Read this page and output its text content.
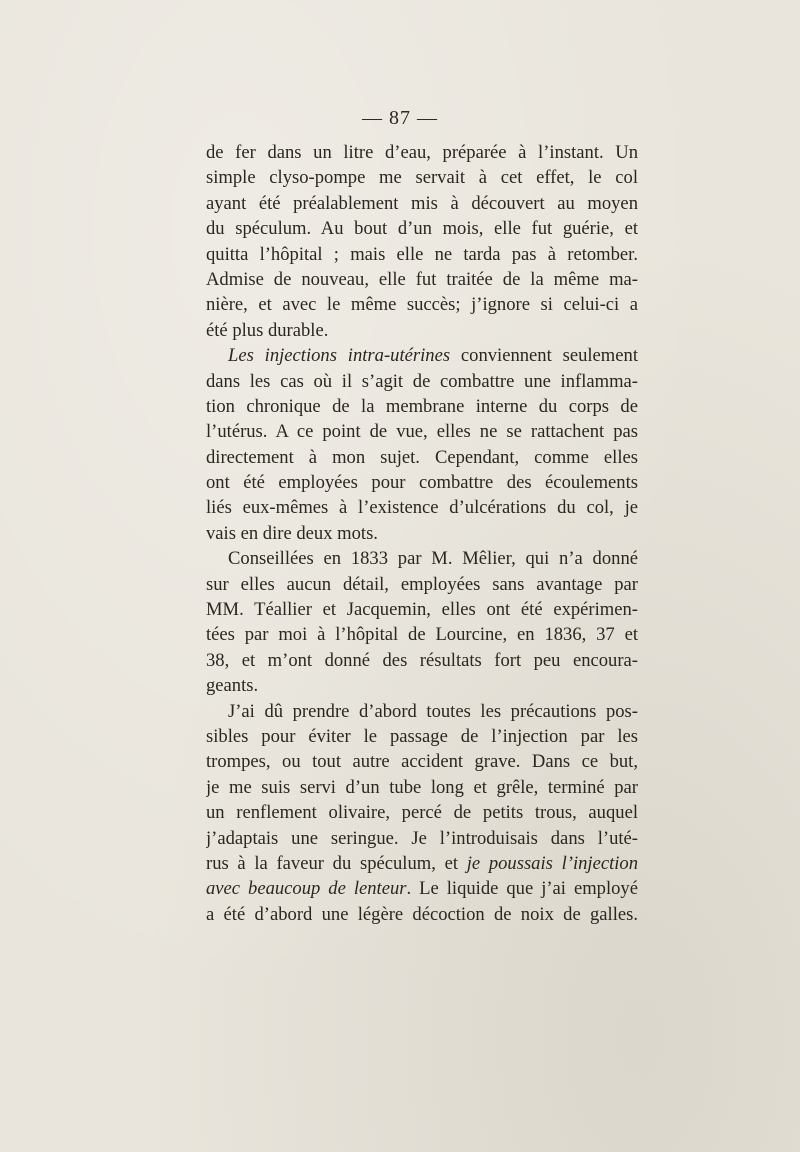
— 87 —
de fer dans un litre d’eau, préparée à l’instant. Un
simple clyso-pompe me servait à cet effet, le col
ayant été préalablement mis à découvert au moyen
du spéculum. Au bout d’un mois, elle fut guérie, et
quitta l’hôpital ; mais elle ne tarda pas à retomber.
Admise de nouveau, elle fut traitée de la même ma-
nière, et avec le même succès; j’ignore si celui-ci a
été plus durable.
Les injections intra-utérines conviennent seulement
dans les cas où il s’agit de combattre une inflamma-
tion chronique de la membrane interne du corps de
l’utérus. A ce point de vue, elles ne se rattachent pas
directement à mon sujet. Cependant, comme elles
ont été employées pour combattre des écoulements
liés eux-mêmes à l’existence d’ulcérations du col, je
vais en dire deux mots.
Conseillées en 1833 par M. Mêlier, qui n’a donné
sur elles aucun détail, employées sans avantage par
MM. Téallier et Jacquemin, elles ont été expérimen-
tées par moi à l’hôpital de Lourcine, en 1836, 37 et
38, et m’ont donné des résultats fort peu encoura-
geants.
J’ai dû prendre d’abord toutes les précautions pos-
sibles pour éviter le passage de l’injection par les
trompes, ou tout autre accident grave. Dans ce but,
je me suis servi d’un tube long et grêle, terminé par
un renflement olivaire, percé de petits trous, auquel
j’adaptais une seringue. Je l’introduisais dans l’uté-
rus à la faveur du spéculum, et je poussais l’injection
avec beaucoup de lenteur. Le liquide que j’ai employé
a été d’abord une légère décoction de noix de galles.
